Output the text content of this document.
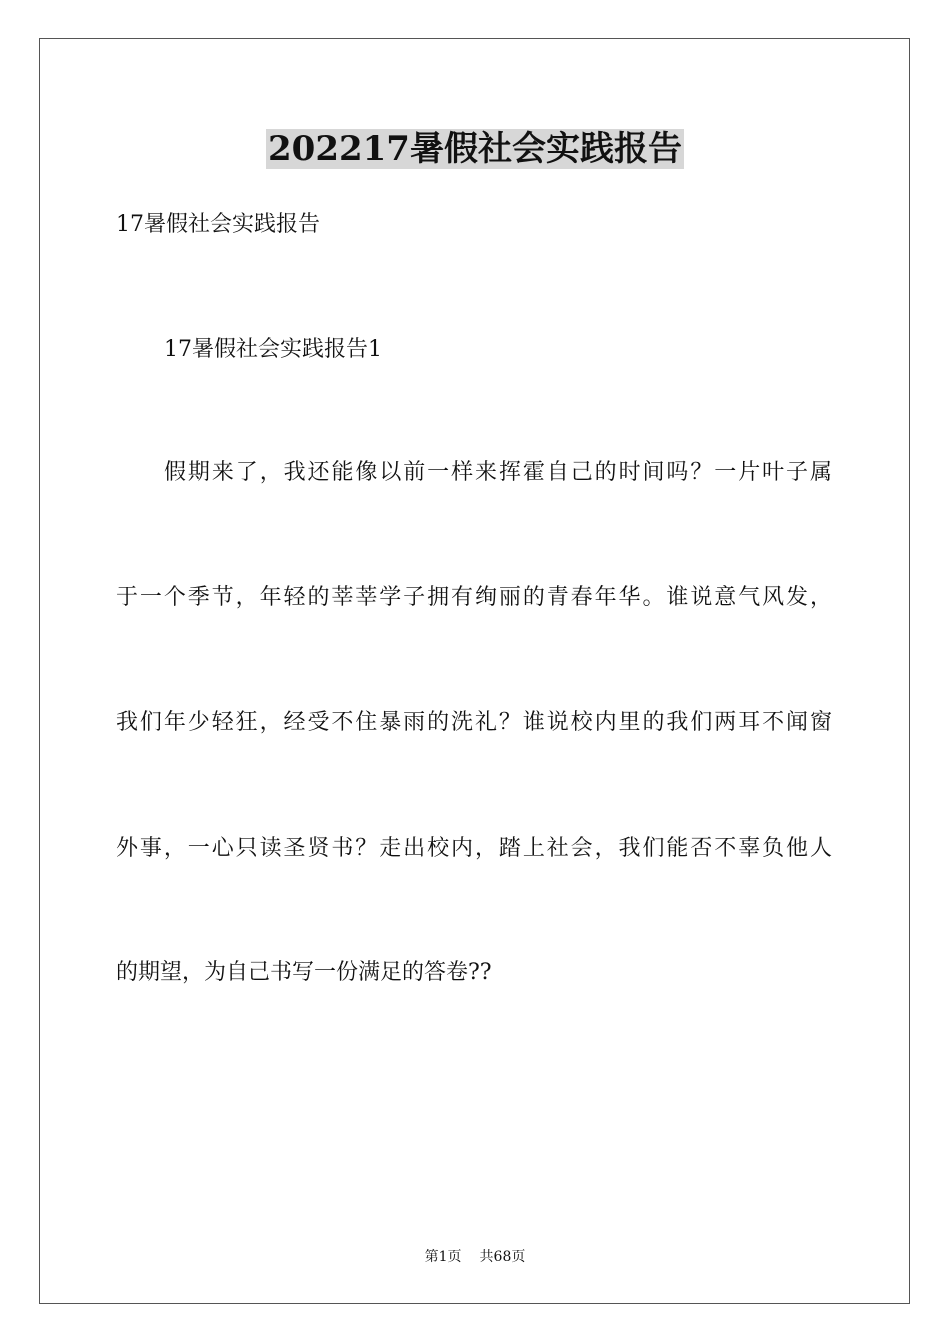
202217暑假社会实践报告

17暑假社会实践报告

17暑假社会实践报告1

假期来了，我还能像以前一样来挥霍自己的时间吗？一片叶子属

于一个季节，年轻的莘莘学子拥有绚丽的青春年华。谁说意气风发，

我们年少轻狂，经受不住暴雨的洗礼？谁说校内里的我们两耳不闻窗

外事，一心只读圣贤书？走出校内，踏上社会，我们能否不辜负他人

的期望，为自己书写一份满足的答卷??

第1页 共68页
